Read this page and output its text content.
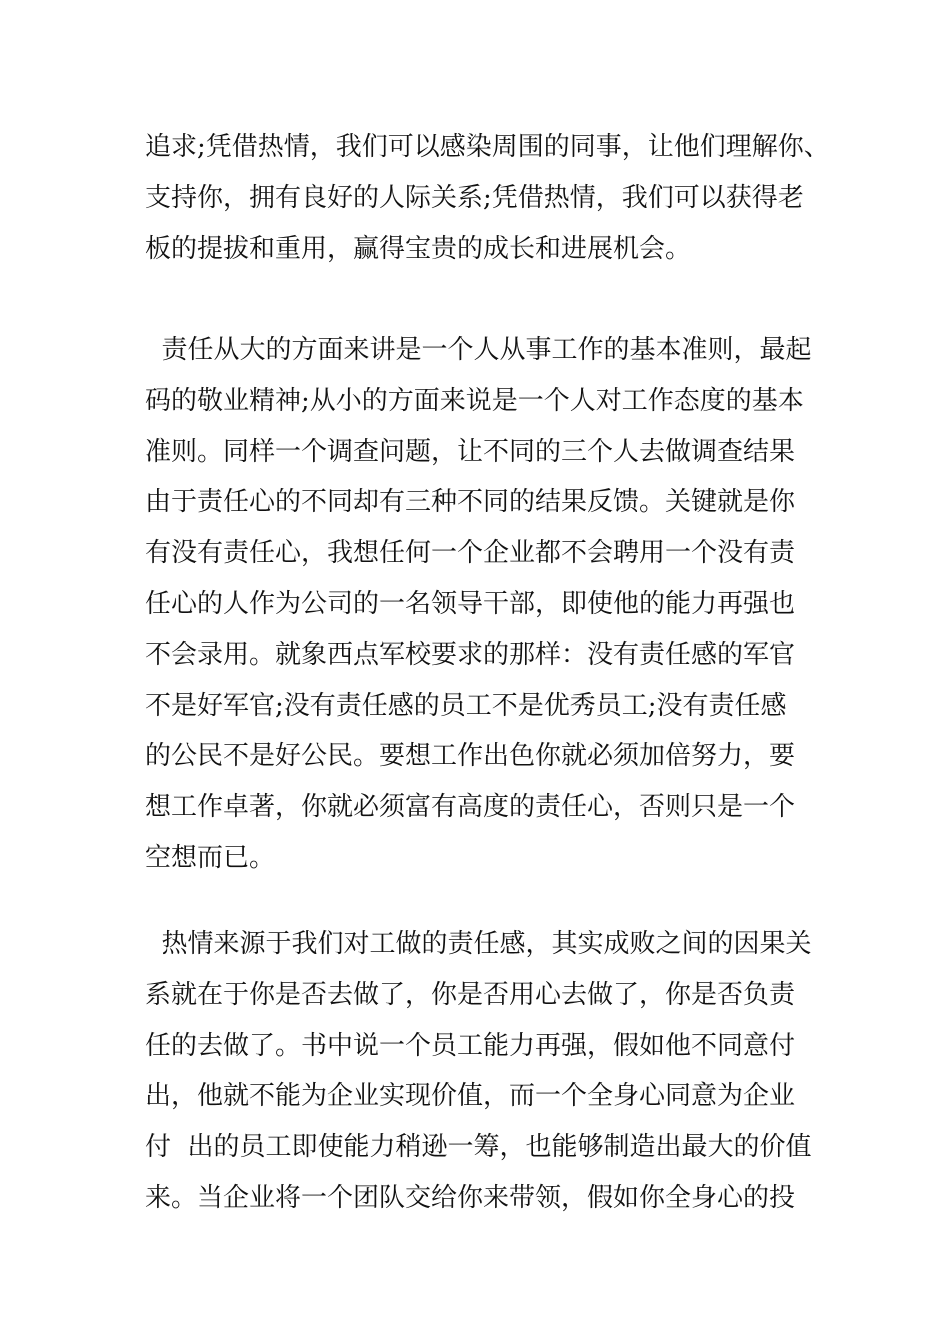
追求;凭借热情，我们可以感染周围的同事，让他们理解你、
支持你，拥有良好的人际关系;凭借热情，我们可以获得老
板的提拔和重用，赢得宝贵的成长和进展机会。
责任从大的方面来讲是一个人从事工作的基本准则，最起
码的敬业精神;从小的方面来说是一个人对工作态度的基本
准则。同样一个调查问题，让不同的三个人去做调查结果
由于责任心的不同却有三种不同的结果反馈。关键就是你
有没有责任心，我想任何一个企业都不会聘用一个没有责
任心的人作为公司的一名领导干部，即使他的能力再强也
不会录用。就象西点军校要求的那样：没有责任感的军官
不是好军官;没有责任感的员工不是优秀员工;没有责任感
的公民不是好公民。要想工作出色你就必须加倍努力，要
想工作卓著，你就必须富有高度的责任心，否则只是一个
空想而已。
热情来源于我们对工做的责任感，其实成败之间的因果关
系就在于你是否去做了，你是否用心去做了，你是否负责
任的去做了。书中说一个员工能力再强，假如他不同意付
出，他就不能为企业实现价值，而一个全身心同意为企业
付  出的员工即使能力稍逊一筹，也能够制造出最大的价值
来。当企业将一个团队交给你来带领，假如你全身心的投
